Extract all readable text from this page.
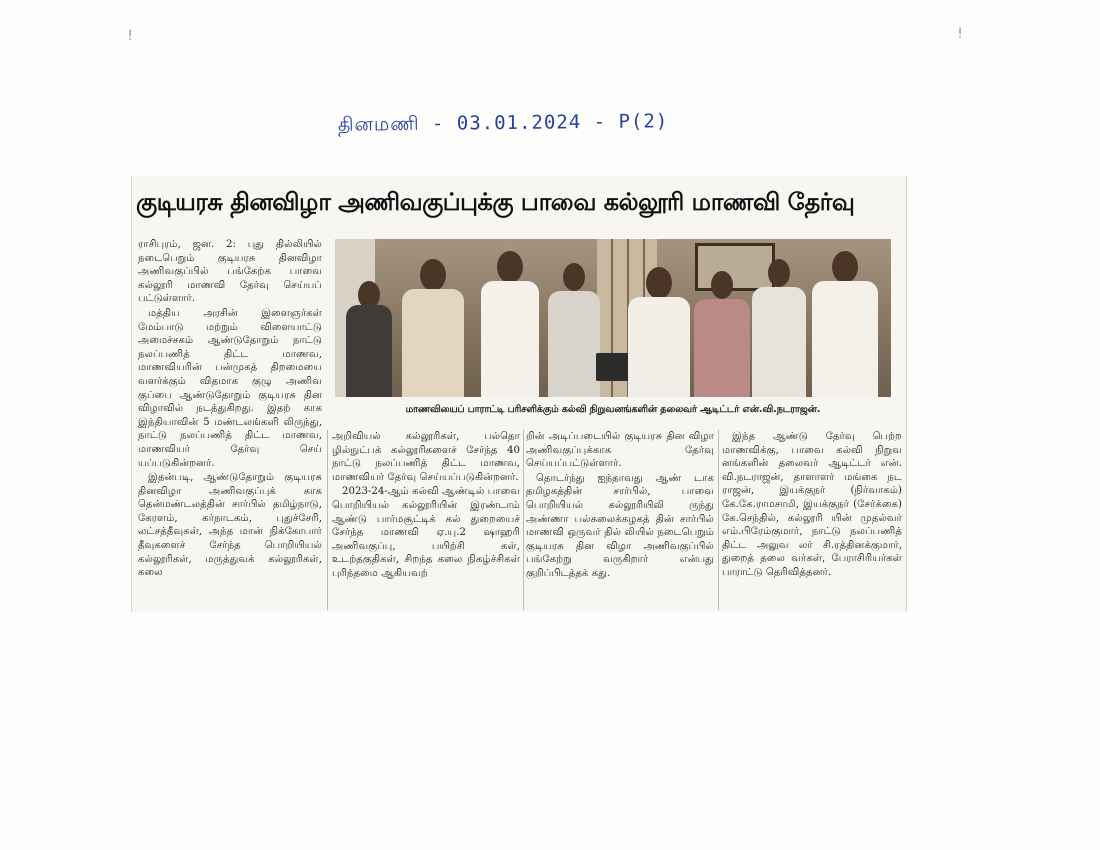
ǃ	ǃ
தினமணி - 03.01.2024 - P(2)
குடியரசு தினவிழா அணிவகுப்புக்கு பாவை கல்லூரி மாணவி தேர்வு

ராசிபுரம், ஜன. 2: புது தில்லியில் நடைபெறும் குடியரசு தினவிழா அணிவகுப்பில் பங்கேற்க பாவை கல்லூரி மாணவி தேர்வு செய்யப் பட்டுள்ளார்.

மத்திய அரசின் இளைஞர்கள் மேம்பாடு மற்றும் விளையாட்டு அமைச்சகம் ஆண்டுதோறும் நாட்டு நலப்பணித் திட்ட மாணவ, மாணவியரின் பன்முகத் திறமையை வளர்க்கும் விதமாக குழு அணிவ குப்பை ஆண்டுதோறும் குடியரசு தின விழாவில் நடத்துகிறது. இதற் காக இந்தியாவின் 5 மண்டலங்களி லிருந்து, நாட்டு நலப்பணித் திட்ட மாணவ, மாணவியர் தேர்வு செய் யப்படுகின்றனர்.

இதன்படி, ஆண்டுதோறும் குடியரசு தினவிழா அணிவகுப்புக் காக தென்மண்டலத்தின் சார்பில் தமிழ்நாடு, கேரளம், கர்நாடகம், புதுச்சேரி, லட்சத்தீவுகள், அந்த மான் நிக்கோபார் தீவுகளைச் சேர்ந்த பொறியியல் கல்லூரிகள், மருத்துவக் கல்லூரிகள், கலை

மாணவியைப் பாராட்டி பரிசளிக்கும் கல்வி நிறுவனங்களின் தலைவர் ஆடிட்டர் என்.வி.நடராஜன்.

அறிவியல் கல்லூரிகள், பல்தொ ழில்நுட்பக் கல்லூரிகளைச் சேர்ந்த 40 நாட்டு நலப்பணித் திட்ட மாணவ, மாணவியர் தேர்வு செய்யப்படுகின்றனர்.

2023-24-ஆம் கல்வி ஆண்டில் பாவை பொறியியல் கல்லூரியின் இரண்டாம் ஆண்டு பார்மசூட்டிக் கல் துறையைச் சேர்ந்த மாணவி ஏ.யு.2 ஷாஹரி அணிவகுப்பு, பயிற்சி கள், உடற்தகுதிகள், சிறந்த கலை நிகழ்ச்சிகள் புரிந்தமை ஆகியவற்

றின் அடிப்படையில் குடியரசு தின விழா அணிவகுப்புக்காக தேர்வு செய்யப்பட்டுள்ளார்.

தொடர்ந்து ஐந்தாவது ஆண் டாக தமிழகத்தின் சார்பில், பாவை பொறியியல் கல்லூரியிலி ருந்து அண்ணா பல்கலைக்கழகத் தின் சார்பில் மாணவி ஒருவர் தில் லியில் நடைபெறும் குடியரசு தின விழா அணிவகுப்பில் பங்கேற்று வருகிறார் என்பது குறிப்பிடத்தக் கது.

இந்த ஆண்டு தேர்வு பெற்ற மாணவிக்கு, பாவை கல்வி நிறுவ னங்களின் தலைவர் ஆடிட்டர் என். வி.நடராஜன், தாளாளர் மங்கை நட ராஜன், இயக்குநர் (நிர்வாகம்) கே.கே.ராமசாமி, இயக்குநர் (சேர்க்கை) கே.செந்தில், கல்லூரி யின் முதல்வர் எம்.பிரேம்குமார், நாட்டு நலப்பணித் திட்ட அலுவ லர் சி.ரத்தினக்குமார், துறைத் தலை வர்கள், பேராசிரியர்கள் பாராட்டு தெரிவித்தனர்.
